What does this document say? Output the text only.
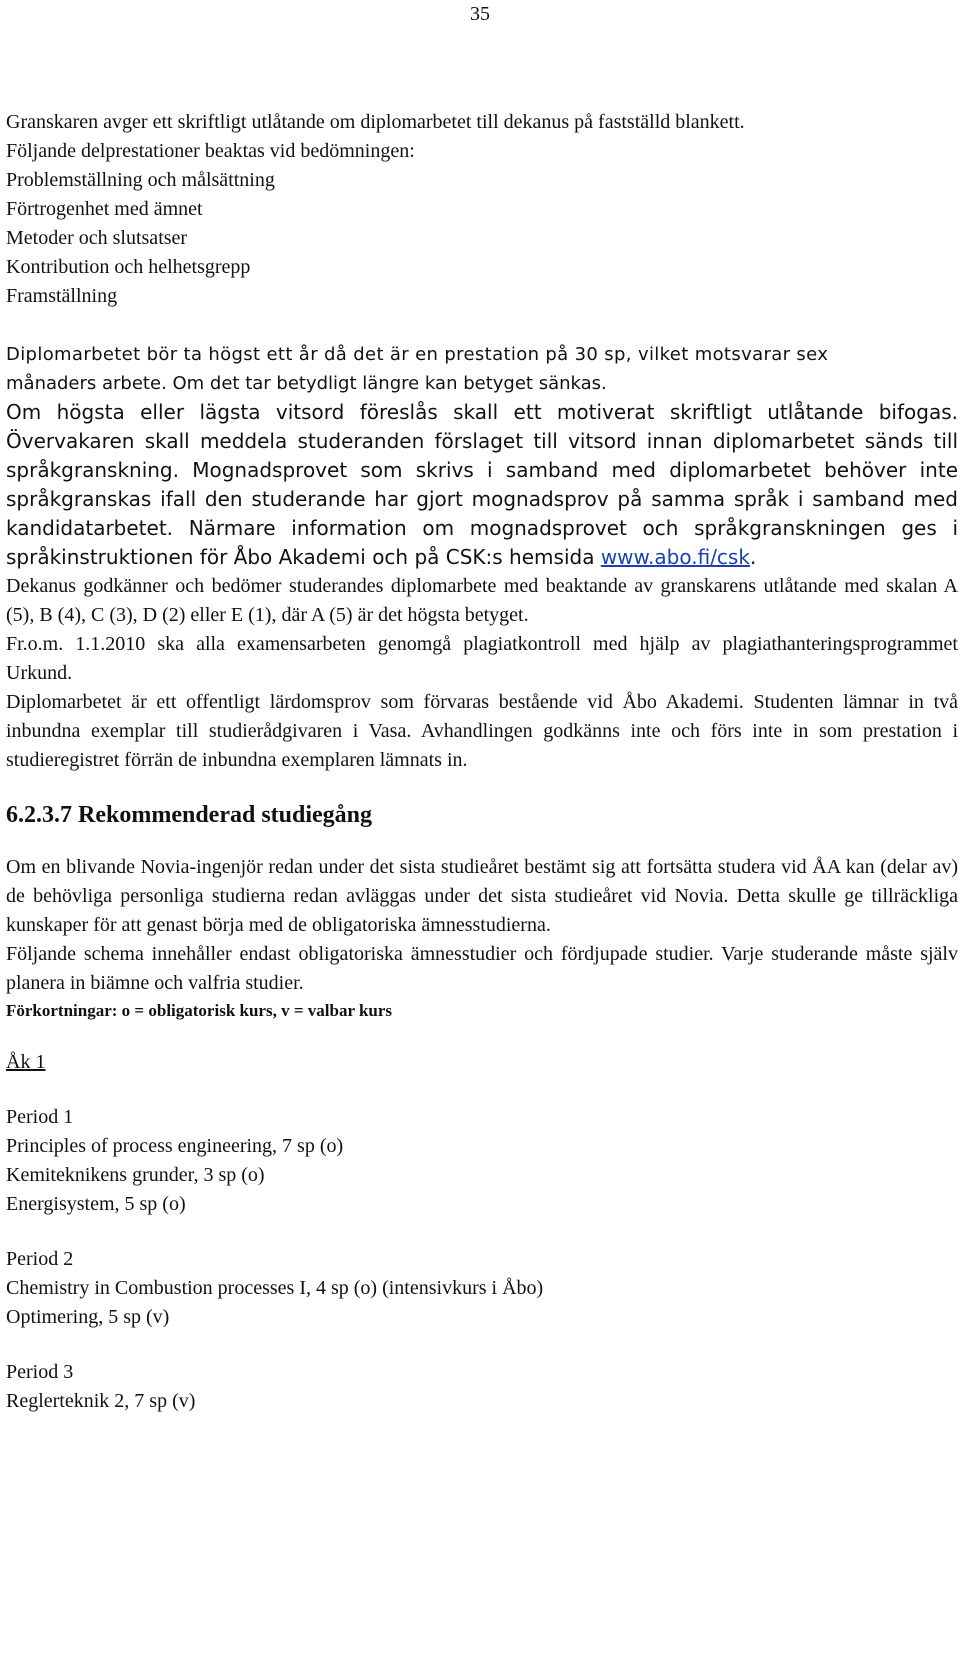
35
Granskaren avger ett skriftligt utlåtande om diplomarbetet till dekanus på fastställd blankett.
Följande delprestationer beaktas vid bedömningen:
Problemställning och målsättning
Förtrogenhet med ämnet
Metoder och slutsatser
Kontribution och helhetsgrepp
Framställning
Diplomarbetet bör ta högst ett år då det är en prestation på 30 sp, vilket motsvarar sex
månaders arbete. Om det tar betydligt längre kan betyget sänkas.

Om högsta eller lägsta vitsord föreslås skall ett motiverat skriftligt utlåtande bifogas. Övervakaren skall meddela studeranden förslaget till vitsord innan diplomarbetet sänds till språkgranskning. Mognadsprovet som skrivs i samband med diplomarbetet behöver inte språkgranskas ifall den studerande har gjort mognadsprov på samma språk i samband med kandidatarbetet. Närmare information om mognadsprovet och språkgranskningen ges i språkinstruktionen för Åbo Akademi och på CSK:s hemsida www.abo.fi/csk.

Dekanus godkänner och bedömer studerandes diplomarbete med beaktande av granskarens utlåtande med skalan A (5), B (4), C (3), D (2) eller E (1), där A (5) är det högsta betyget.

Fr.o.m. 1.1.2010 ska alla examensarbeten genomgå plagiatkontroll med hjälp av plagiathanteringsprogrammet Urkund.

Diplomarbetet är ett offentligt lärdomsprov som förvaras bestående vid Åbo Akademi. Studenten lämnar in två inbundna exemplar till studierådgivaren i Vasa. Avhandlingen godkänns inte och förs inte in som prestation i studieregistret förrän de inbundna exemplaren lämnats in.

6.2.3.7 Rekommenderad studiegång

Om en blivande Novia-ingenjör redan under det sista studieåret bestämt sig att fortsätta studera vid ÅA kan (delar av) de behövliga personliga studierna redan avläggas under det sista studieåret vid Novia. Detta skulle ge tillräckliga kunskaper för att genast börja med de obligatoriska ämnesstudierna.

Följande schema innehåller endast obligatoriska ämnesstudier och fördjupade studier. Varje studerande måste själv planera in biämne och valfria studier.

Förkortningar: o = obligatorisk kurs, v = valbar kurs
Åk 1
Period 1
Principles of process engineering, 7 sp (o)
Kemiteknikens grunder, 3 sp (o)
Energisystem, 5 sp (o)
Period 2
Chemistry in Combustion processes I, 4 sp (o) (intensivkurs i Åbo)
Optimering, 5 sp (v)
Period 3
Reglerteknik 2, 7 sp (v)
